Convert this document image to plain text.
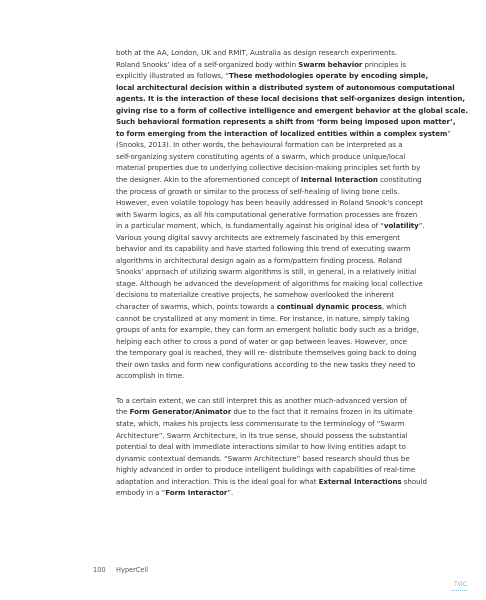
both at the AA, London, UK and RMIT, Australia as design research experiments.
Roland Snooks’ idea of a self-organized body within Swarm behavior principles is
explicitly illustrated as follows, “These methodologies operate by encoding simple,
local architectural decision within a distributed system of autonomous computational
agents. It is the interaction of these local decisions that self-organizes design intention,
giving rise to a form of collective intelligence and emergent behavior at the global scale.
Such behavioral formation represents a shift from ‘form being imposed upon matter’,
to form emerging from the interaction of localized entities within a complex system”
(Snooks, 2013). In other words, the behavioural formation can be interpreted as a
self-organizing system constituting agents of a swarm, which produce unique/local
material properties due to underlying collective decision-making principles set forth by
the designer. Akin to the aforementioned concept of Internal Interaction constituting
the process of growth or similar to the process of self-healing of living bone cells.
However, even volatile topology has been heavily addressed in Roland Snook’s concept
with Swarm logics, as all his computational generative formation processes are frozen
in a particular moment, which, is fundamentally against his original idea of “volatility”.
Various young digital savvy architects are extremely fascinated by this emergent
behavior and its capability and have started following this trend of executing swarm
algorithms in architectural design again as a form/pattern finding process. Roland
Snooks’ approach of utilizing swarm algorithms is still, in general, in a relatively initial
stage. Although he advanced the development of algorithms for making local collective
decisions to materialize creative projects, he somehow overlooked the inherent
character of swarms, which, points towards a continual dynamic process, which
cannot be crystallized at any moment in time. For instance, in nature, simply taking
groups of ants for example, they can form an emergent holistic body such as a bridge,
helping each other to cross a pond of water or gap between leaves. However, once
the temporary goal is reached, they will re- distribute themselves going back to doing
their own tasks and form new configurations according to the new tasks they need to
accomplish in time.

To a certain extent, we can still interpret this as another much-advanced version of
the Form Generator/Animator due to the fact that it remains frozen in its ultimate
state, which, makes his projects less commensurate to the terminology of “Swarm
Architecture”. Swarm Architecture, in its true sense, should possess the substantial
potential to deal with immediate interactions similar to how living entities adapt to
dynamic contextual demands. “Swarm Architecture” based research should thus be
highly advanced in order to produce intelligent buildings with capabilities of real-time
adaptation and interaction. This is the ideal goal for what External Interactions should
embody in a “Form Interactor”.

100 HyperCell
TOC
